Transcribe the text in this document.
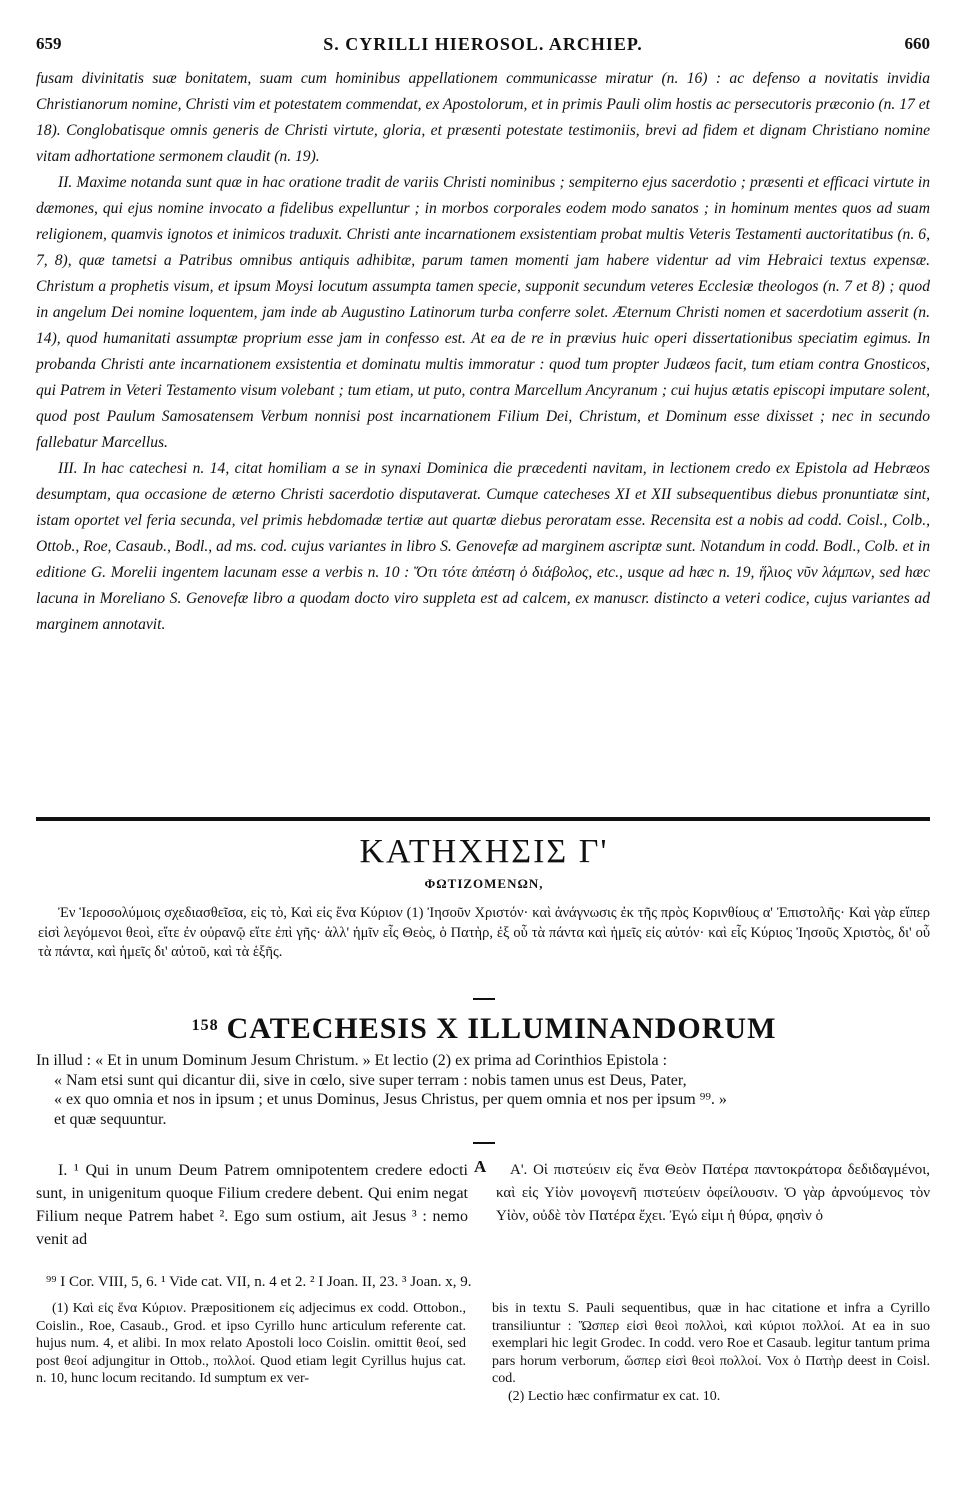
659	S. CYRILLI HIEROSOL. ARCHIEP.	660

fusam divinitatis suæ bonitatem, suam cum hominibus appellationem communicasse miratur (n. 16) : ac defenso a novitatis invidia Christianorum nomine, Christi vim et potestatem commendat, ex Apostolorum, et in primis Pauli olim hostis ac persecutoris præconio (n. 17 et 18). Conglobatisque omnis generis de Christi virtute, gloria, et præsenti potestate testimoniis, brevi ad fidem et dignam Christiano nomine vitam adhortatione sermonem claudit (n. 19).

II. Maxime notanda sunt quæ in hac oratione tradit de variis Christi nominibus ; sempiterno ejus sacerdotio ; præsenti et efficaci virtute in dæmones, qui ejus nomine invocato a fidelibus expelluntur ; in morbos corporales eodem modo sanatos ; in hominum mentes quos ad suam religionem, quamvis ignotos et inimicos traduxit. Christi ante incarnationem exsistentiam probat multis Veteris Testamenti auctoritatibus (n. 6, 7, 8), quæ tametsi a Patribus omnibus antiquis adhibitæ, parum tamen momenti jam habere videntur ad vim Hebraici textus expensæ. Christum a prophetis visum, et ipsum Moysi locutum assumpta tamen specie, supponit secundum veteres Ecclesiæ theologos (n. 7 et 8) ; quod in angelum Dei nomine loquentem, jam inde ab Augustino Latinorum turba conferre solet. Æternum Christi nomen et sacerdotium asserit (n. 14), quod humanitati assumptæ proprium esse jam in confesso est. At ea de re in prævius huic operi dissertationibus speciatim egimus. In probanda Christi ante incarnationem exsistentia et dominatu multis immoratur : quod tum propter Judæos facit, tum etiam contra Gnosticos, qui Patrem in Veteri Testamento visum volebant ; tum etiam, ut puto, contra Marcellum Ancyranum ; cui hujus ætatis episcopi imputare solent, quod post Paulum Samosatensem Verbum nonnisi post incarnationem Filium Dei, Christum, et Dominum esse dixisset ; nec in secundo fallebatur Marcellus.

III. In hac catechesi n. 14, citat homiliam a se in synaxi Dominica die præcedenti navitam, in lectionem credo ex Epistola ad Hebræos desumptam, qua occasione de æterno Christi sacerdotio disputaverat. Cumque catecheses XI et XII subsequentibus diebus pronuntiatæ sint, istam oportet vel feria secunda, vel primis hebdomadæ tertiæ aut quartæ diebus peroratam esse. Recensita est a nobis ad codd. Coisl., Colb., Ottob., Roe, Casaub., Bodl., ad ms. cod. cujus variantes in libro S. Genovefæ ad marginem ascriptæ sunt. Notandum in codd. Bodl., Colb. et in editione G. Morelii ingentem lacunam esse a verbis n. 10 : Ὅτι τότε ἀπέστη ὁ διάβολος, etc., usque ad hæc n. 19, ἥλιος νῦν λάμπων, sed hæc lacuna in Moreliano S. Genovefæ libro a quodam docto viro suppleta est ad calcem, ex manuscr. distincto a veteri codice, cujus variantes ad marginem annotavit.

ΚΑΤΗΧΗΣΙΣ Γ'
ΦΩΤΙΖΟΜΕΝΩΝ,
Ἐν Ἱεροσολύμοις σχεδιασθεῖσα, εἰς τὸ, Καὶ εἰς ἕνα Κύριον (1) Ἰησοῦν Χριστόν· καὶ ἀνάγνωσις ἐκ τῆς πρὸς Κορινθίους α' Ἐπιστολῆς· Καὶ γὰρ εἴπερ εἰσὶ λεγόμενοι θεοὶ, εἴτε ἐν οὐρανῷ εἴτε ἐπὶ γῆς· ἀλλ' ἡμῖν εἷς Θεὸς, ὁ Πατὴρ, ἐξ οὗ τὰ πάντα καὶ ἡμεῖς εἰς αὐτόν· καὶ εἷς Κύριος Ἰησοῦς Χριστὸς, δι' οὗ τὰ πάντα, καὶ ἡμεῖς δι' αὐτοῦ, καὶ τὰ ἑξῆς.
$^{158}$ CATECHESIS X ILLUMINANDORUM

In illud : « Et in unum Dominum Jesum Christum. » Et lectio (2) ex prima ad Corinthios Epistola :

« Nam etsi sunt qui dicantur dii, sive in cœlo, sive super terram : nobis tamen unus est Deus, Pater,

« ex quo omnia et nos in ipsum ; et unus Dominus, Jesus Christus, per quem omnia et nos per ipsum ⁹⁹. »

et quæ sequuntur.

I. ¹ Qui in unum Deum Patrem omnipotentem credere edocti sunt, in unigenitum quoque Filium credere debent. Qui enim negat Filium neque Patrem habet ². Ego sum ostium, ait Jesus ³ : nemo venit ad

A	Α'. Οἱ πιστεύειν εἰς ἕνα Θεὸν Πατέρα παντοκράτορα δεδιδαγμένοι, καὶ εἰς Υἱὸν μονογενῆ πιστεύειν ὀφείλουσιν. Ὁ γὰρ ἀρνούμενος τὸν Υἱὸν, οὐδὲ τὸν Πατέρα ἔχει. Ἐγώ εἰμι ἡ θύρα, φησὶν ὁ

⁹⁹ I Cor. VIII, 5, 6. ¹ Vide cat. VII, n. 4 et 2. ² I Joan. II, 23. ³ Joan. x, 9.

(1) Καὶ εἰς ἕνα Κύριον. Præpositionem εἰς adjecimus ex codd. Ottobon., Coislin., Roe, Casaub., Grod. et ipso Cyrillo hunc articulum referente cat. hujus num. 4, et alibi. In mox relato Apostoli loco Coislin. omittit θεοί, sed post θεοί adjungitur in Ottob., πολλοί. Quod etiam legit Cyrillus hujus cat. n. 10, hunc locum recitando. Id sumptum ex ver-

bis in textu S. Pauli sequentibus, quæ in hac citatione et infra a Cyrillo transiliuntur : Ὥσπερ εἰσὶ θεοὶ πολλοὶ, καὶ κύριοι πολλοί. At ea in suo exemplari hic legit Grodec. In codd. vero Roe et Casaub. legitur tantum prima pars horum verborum, ὥσπερ εἰσὶ θεοὶ πολλοί. Vox ὁ Πατὴρ deest in Coisl. cod.

(2) Lectio hæc confirmatur ex cat. 10.
